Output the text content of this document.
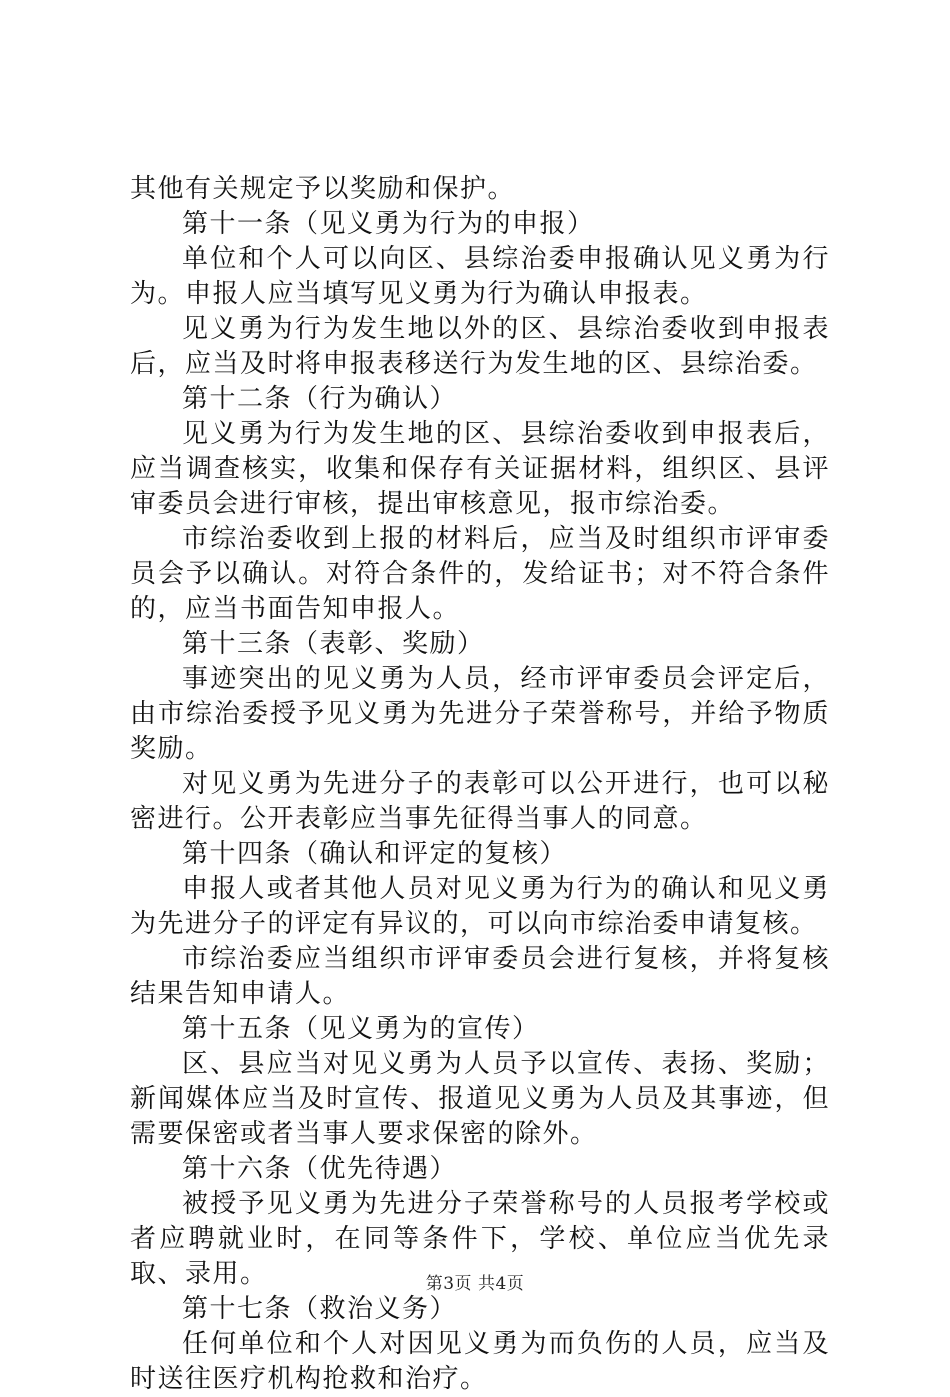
其他有关规定予以奖励和保护。

第十一条（见义勇为行为的申报）

单位和个人可以向区、县综治委申报确认见义勇为行为。申报人应当填写见义勇为行为确认申报表。

见义勇为行为发生地以外的区、县综治委收到申报表后，应当及时将申报表移送行为发生地的区、县综治委。

第十二条（行为确认）

见义勇为行为发生地的区、县综治委收到申报表后，应当调查核实，收集和保存有关证据材料，组织区、县评审委员会进行审核，提出审核意见，报市综治委。

市综治委收到上报的材料后，应当及时组织市评审委员会予以确认。对符合条件的，发给证书；对不符合条件的，应当书面告知申报人。

第十三条（表彰、奖励）

事迹突出的见义勇为人员，经市评审委员会评定后，由市综治委授予见义勇为先进分子荣誉称号，并给予物质奖励。

对见义勇为先进分子的表彰可以公开进行，也可以秘密进行。公开表彰应当事先征得当事人的同意。

第十四条（确认和评定的复核）

申报人或者其他人员对见义勇为行为的确认和见义勇为先进分子的评定有异议的，可以向市综治委申请复核。

市综治委应当组织市评审委员会进行复核，并将复核结果告知申请人。

第十五条（见义勇为的宣传）

区、县应当对见义勇为人员予以宣传、表扬、奖励；新闻媒体应当及时宣传、报道见义勇为人员及其事迹，但需要保密或者当事人要求保密的除外。

第十六条（优先待遇）

被授予见义勇为先进分子荣誉称号的人员报考学校或者应聘就业时，在同等条件下，学校、单位应当优先录取、录用。

第十七条（救治义务）

任何单位和个人对因见义勇为而负伤的人员，应当及时送往医疗机构抢救和治疗。

第3页 共4页
